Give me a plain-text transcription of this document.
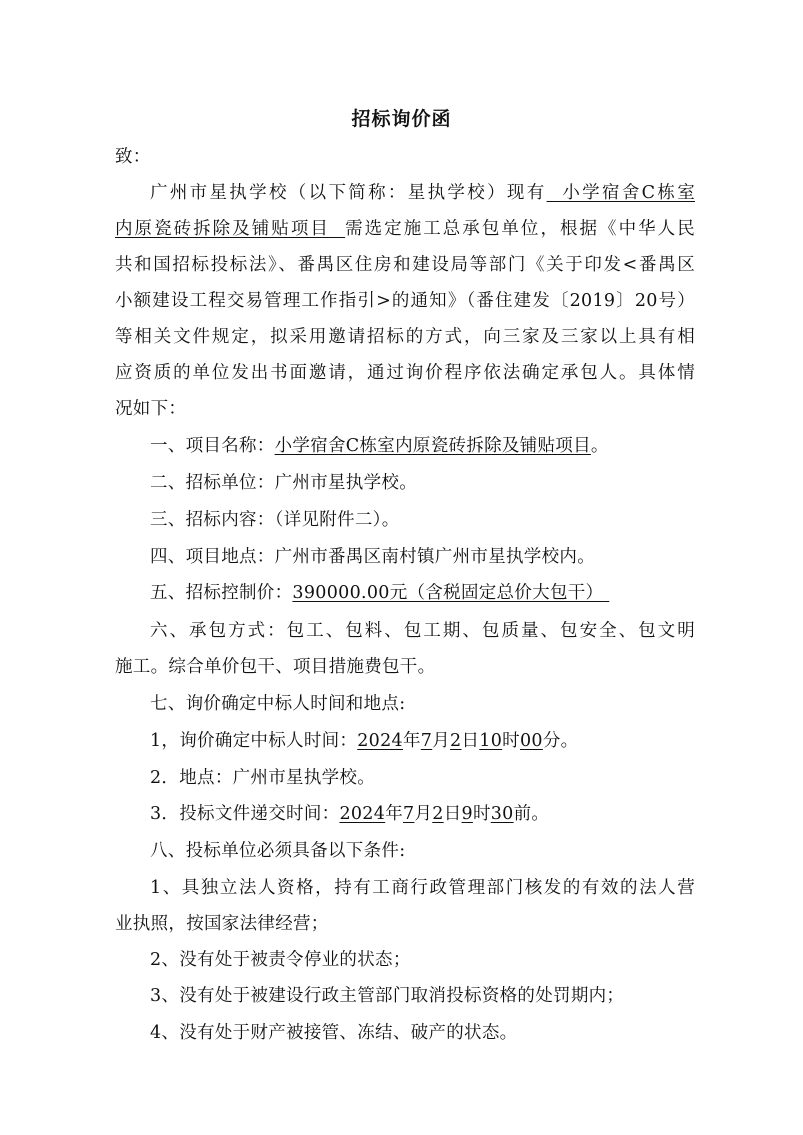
招标询价函
致：
广州市星执学校（以下简称：星执学校）现有  小学宿舍C栋室
内原瓷砖拆除及铺贴项目  需选定施工总承包单位，根据《中华人民
共和国招标投标法》、番禺区住房和建设局等部门《关于印发<番禺区
小额建设工程交易管理工作指引>的通知》（番住建发〔2019〕20号）
等相关文件规定，拟采用邀请招标的方式，向三家及三家以上具有相
应资质的单位发出书面邀请，通过询价程序依法确定承包人。具体情
况如下：
一、项目名称：小学宿舍C栋室内原瓷砖拆除及铺贴项目。
二、招标单位：广州市星执学校。
三、招标内容：（详见附件二）。
四、项目地点：广州市番禺区南村镇广州市星执学校内。
五、招标控制价：390000.00元（含税固定总价大包干）
六、承包方式：包工、包料、包工期、包质量、包安全、包文明
施工。综合单价包干、项目措施费包干。
七、询价确定中标人时间和地点:
1，询价确定中标人时间：2024年7月2日10时00分。
2．地点：广州市星执学校。
3．投标文件递交时间：2024年7月2日9时30前。
八、投标单位必须具备以下条件:
1、具独立法人资格，持有工商行政管理部门核发的有效的法人营
业执照，按国家法律经营；
2、没有处于被责令停业的状态；
3、没有处于被建设行政主管部门取消投标资格的处罚期内；
4、没有处于财产被接管、冻结、破产的状态。
